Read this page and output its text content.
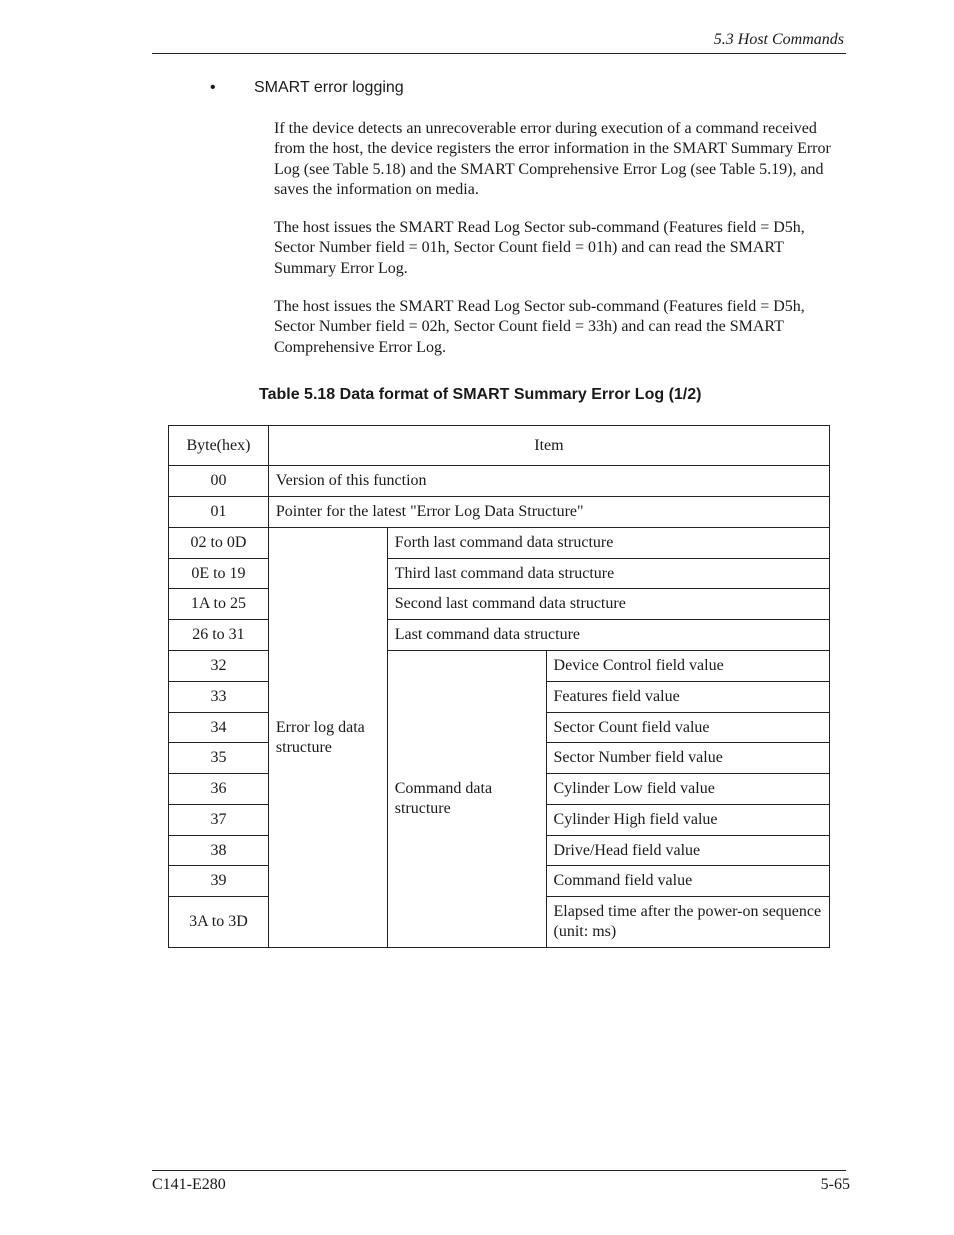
5.3 Host Commands
• SMART error logging

If the device detects an unrecoverable error during execution of a command received from the host, the device registers the error information in the SMART Summary Error Log (see Table 5.18) and the SMART Comprehensive Error Log (see Table 5.19), and saves the information on media.

The host issues the SMART Read Log Sector sub-command (Features field = D5h, Sector Number field = 01h, Sector Count field = 01h) and can read the SMART Summary Error Log.

The host issues the SMART Read Log Sector sub-command (Features field = D5h, Sector Number field = 02h, Sector Count field = 33h) and can read the SMART Comprehensive Error Log.

Table 5.18 Data format of SMART Summary Error Log (1/2)
Byte(hex)	Item		
00	Version of this function		
01	Pointer for the latest "Error Log Data Structure"		
02 to 0D	Error log data structure	Forth last command data structure	
0E to 19		Third last command data structure	
1A to 25		Second last command data structure	
26 to 31		Last command data structure	
32		Command data structure	Device Control field value
33			Features field value
34			Sector Count field value
35			Sector Number field value
36			Cylinder Low field value
37			Cylinder High field value
38			Drive/Head field value
39			Command field value
3A to 3D			Elapsed time after the power-on sequence (unit: ms)
C141-E280	5-65
